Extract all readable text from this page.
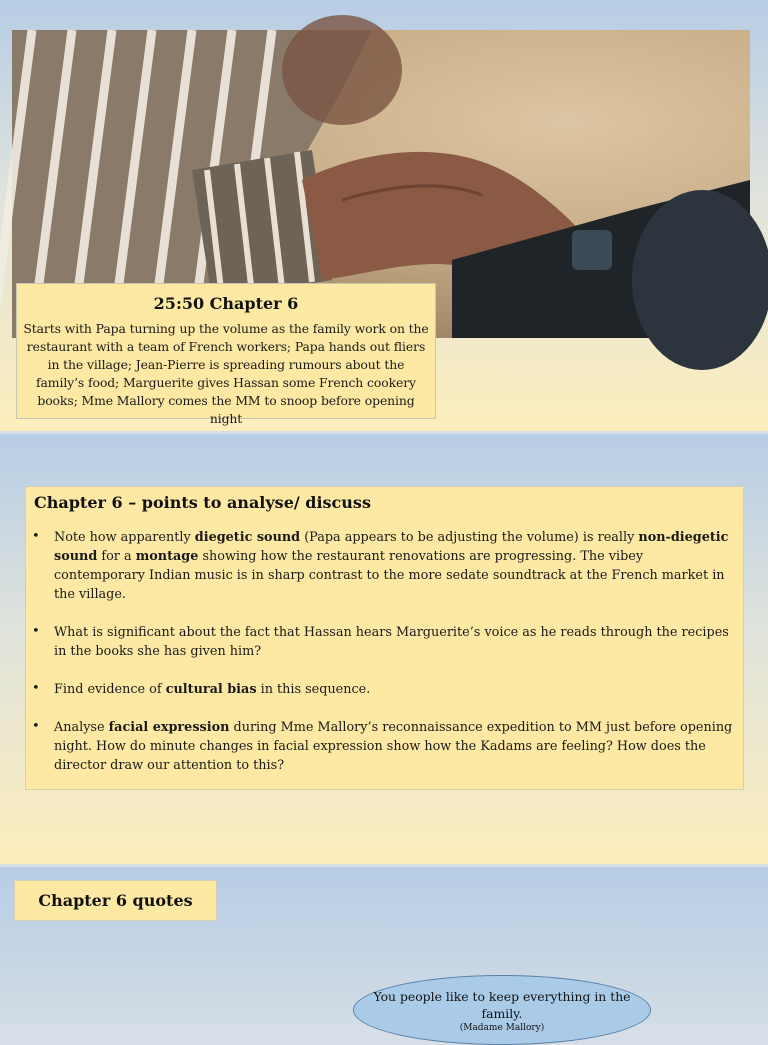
25:50 Chapter 6
Starts with Papa turning up the volume as the family work on the restaurant with a team of French workers; Papa hands out fliers in the village; Jean-Pierre is spreading rumours about the family’s food; Marguerite gives Hassan some French cookery books; Mme Mallory comes the MM to snoop before opening night
Chapter 6 – points to analyse/ discuss
• Note how apparently diegetic sound (Papa appears to be adjusting the volume) is really non-diegetic sound for a montage showing how the restaurant renovations are progressing. The vibey contemporary Indian music is in sharp contrast to the more sedate soundtrack at the French market in the village.
• What is significant about the fact that Hassan hears Marguerite’s voice as he reads through the recipes in the books she has given him?
• Find evidence of cultural bias in this sequence.
• Analyse facial expression during Mme Mallory’s reconnaissance expedition to MM just before opening night. How do minute changes in facial expression show how the Kadams are feeling? How does the director draw our attention to this?
Chapter 6 quotes
You people like to keep everything in the family.
(Madame Mallory)
